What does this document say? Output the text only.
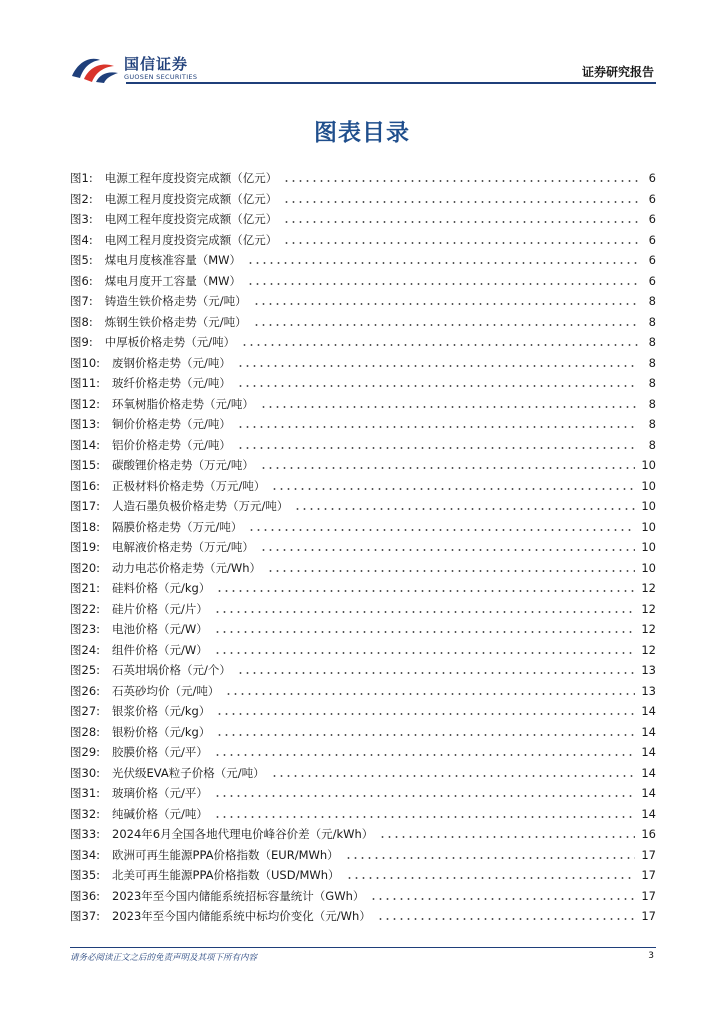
国信证券
GUOSEN SECURITIES	证券研究报告
图表目录
图1: 电源工程年度投资完成额（亿元）	6
图2: 电源工程月度投资完成额（亿元）	6
图3: 电网工程年度投资完成额（亿元）	6
图4: 电网工程月度投资完成额（亿元）	6
图5: 煤电月度核准容量（MW）	6
图6: 煤电月度开工容量（MW）	6
图7: 铸造生铁价格走势（元/吨）	8
图8: 炼钢生铁价格走势（元/吨）	8
图9: 中厚板价格走势（元/吨）	8
图10: 废钢价格走势（元/吨）	8
图11: 玻纤价格走势（元/吨）	8
图12: 环氧树脂价格走势（元/吨）	8
图13: 铜价价格走势（元/吨）	8
图14: 铝价价格走势（元/吨）	8
图15: 碳酸锂价格走势（万元/吨）	10
图16: 正极材料价格走势（万元/吨）	10
图17: 人造石墨负极价格走势（万元/吨）	10
图18: 隔膜价格走势（万元/吨）	10
图19: 电解液价格走势（万元/吨）	10
图20: 动力电芯价格走势（元/Wh）	10
图21: 硅料价格（元/kg）	12
图22: 硅片价格（元/片）	12
图23: 电池价格（元/W）	12
图24: 组件价格（元/W）	12
图25: 石英坩埚价格（元/个）	13
图26: 石英砂均价（元/吨）	13
图27: 银浆价格（元/kg）	14
图28: 银粉价格（元/kg）	14
图29: 胶膜价格（元/平）	14
图30: 光伏级EVA粒子价格（元/吨）	14
图31: 玻璃价格（元/平）	14
图32: 纯碱价格（元/吨）	14
图33: 2024年6月全国各地代理电价峰谷价差（元/kWh）	16
图34: 欧洲可再生能源PPA价格指数（EUR/MWh）	17
图35: 北美可再生能源PPA价格指数（USD/MWh）	17
图36: 2023年至今国内储能系统招标容量统计（GWh）	17
图37: 2023年至今国内储能系统中标均价变化（元/Wh）	17
请务必阅读正文之后的免责声明及其项下所有内容	3
